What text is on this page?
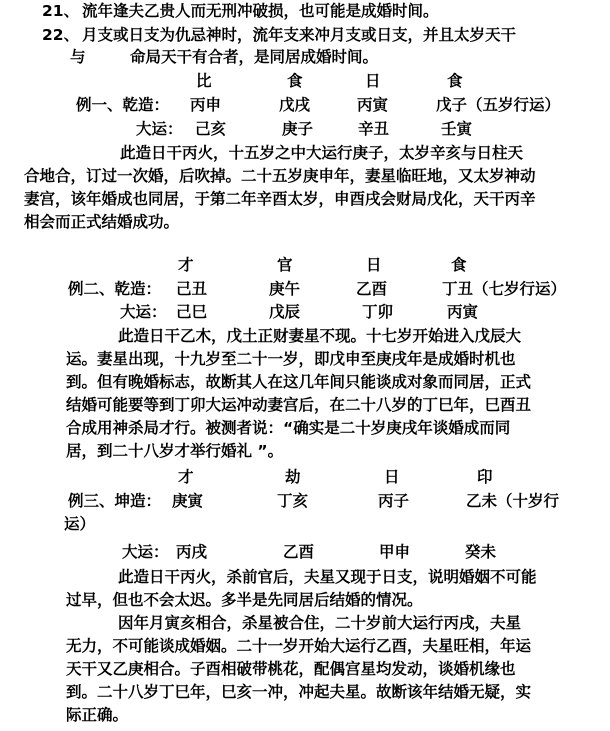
21、 流年逢夫乙贵人而无刑冲破损，也可能是成婚时间。
22、 月支或日支为仇忌神时，流年支来冲月支或日支，并且太岁天干
与	命局天干有合者，是同居成婚时间。
比	食	日	食
例一、乾造： 丙申	戊戌	丙寅	戊子（五岁行运）
大运： 己亥	庚子	辛丑	壬寅
此造日干丙火，十五岁之中大运行庚子，太岁辛亥与日柱天
合地合，订过一次婚，后吹掉。二十五岁庚申年，妻星临旺地，又太岁神动
妻宫，该年婚成也同居，于第二年辛酉太岁，申酉戌会财局戊化，天干丙辛
相会而正式结婚成功。
才	官	日	食
例二、乾造： 己丑	庚午	乙酉	丁丑（七岁行运）
大运： 己巳	戊辰	丁卯	丙寅
此造日干乙木，戊土正财妻星不现。十七岁开始进入戊辰大
运。妻星出现，十九岁至二十一岁，即戊申至庚戌年是成婚时机也
到。但有晚婚标志，故断其人在这几年间只能谈成对象而同居，正式
结婚可能要等到丁卯大运冲动妻宫后，在二十八岁的丁巳年，巳酉丑
合成用神杀局才行。被测者说：“确实是二十岁庚戌年谈婚成而同
居，到二十八岁才举行婚礼 ”。
才	劫	日	印
例三、坤造： 庚寅	丁亥	丙子	乙未（十岁行
运）
大运： 丙戌	乙酉	甲申	癸未
此造日干丙火，杀前官后，夫星又现于日支，说明婚姻不可能
过早，但也不会太迟。多半是先同居后结婚的情况。
因年月寅亥相合，杀星被合住，二十岁前大运行丙戌，夫星
无力，不可能谈成婚姻。二十一岁开始大运行乙酉，夫星旺相，年运
天干又乙庚相合。子酉相破带桃花，配偶宫星均发动，谈婚机缘也
到。二十八岁丁巳年，巳亥一冲，冲起夫星。故断该年结婚无疑，实
际正确。
